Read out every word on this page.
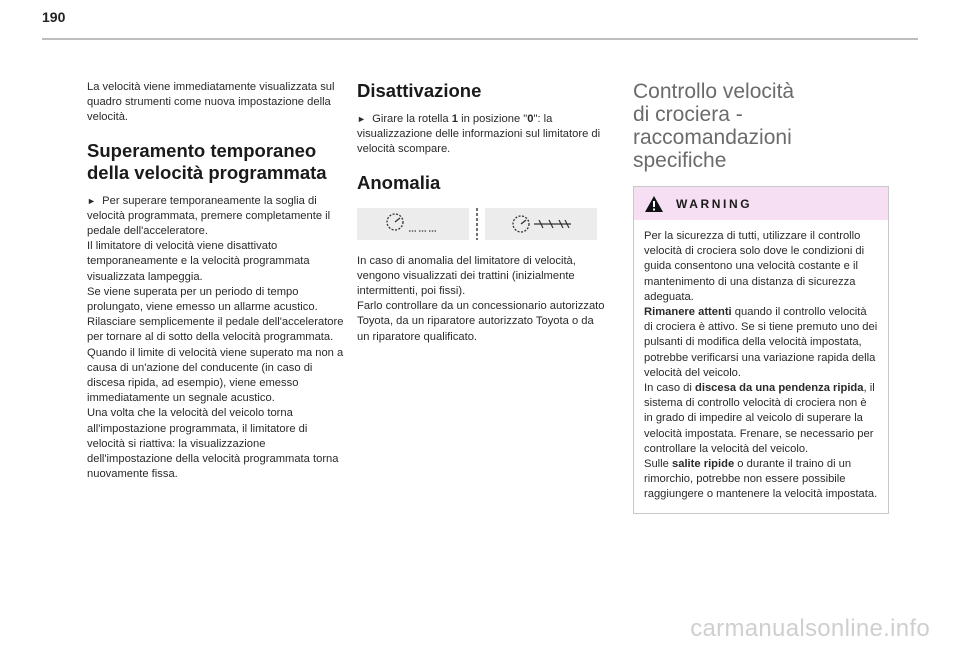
190

La velocità viene immediatamente visualizzata sul quadro strumenti come nuova impostazione della velocità.

Superamento temporaneo della velocità programmata

► Per superare temporaneamente la soglia di velocità programmata, premere completamente il pedale dell'acceleratore.

Il limitatore di velocità viene disattivato temporaneamente e la velocità programmata visualizzata lampeggia.

Se viene superata per un periodo di tempo prolungato, viene emesso un allarme acustico.

Rilasciare semplicemente il pedale dell'acceleratore per tornare al di sotto della velocità programmata.

Quando il limite di velocità viene superato ma non a causa di un'azione del conducente (in caso di discesa ripida, ad esempio), viene emesso immediatamente un segnale acustico.

Una volta che la velocità del veicolo torna all'impostazione programmata, il limitatore di velocità si riattiva: la visualizzazione dell'impostazione della velocità programmata torna nuovamente fissa.

Disattivazione

► Girare la rotella 1 in posizione "0": la visualizzazione delle informazioni sul limitatore di velocità scompare.

Anomalia

In caso di anomalia del limitatore di velocità, vengono visualizzati dei trattini (inizialmente intermittenti, poi fissi).

Farlo controllare da un concessionario autorizzato Toyota, da un riparatore autorizzato Toyota o da un riparatore qualificato.

Controllo velocità di crociera - raccomandazioni specifiche
WARNING

Per la sicurezza di tutti, utilizzare il controllo velocità di crociera solo dove le condizioni di guida consentono una velocità costante e il mantenimento di una distanza di sicurezza adeguata.

Rimanere attenti quando il controllo velocità di crociera è attivo. Se si tiene premuto uno dei pulsanti di modifica della velocità impostata, potrebbe verificarsi una variazione rapida della velocità del veicolo.

In caso di discesa da una pendenza ripida, il sistema di controllo velocità di crociera non è in grado di impedire al veicolo di superare la velocità impostata. Frenare, se necessario per controllare la velocità del veicolo.

Sulle salite ripide o durante il traino di un rimorchio, potrebbe non essere possibile raggiungere o mantenere la velocità impostata.

carmanualsonline.info
